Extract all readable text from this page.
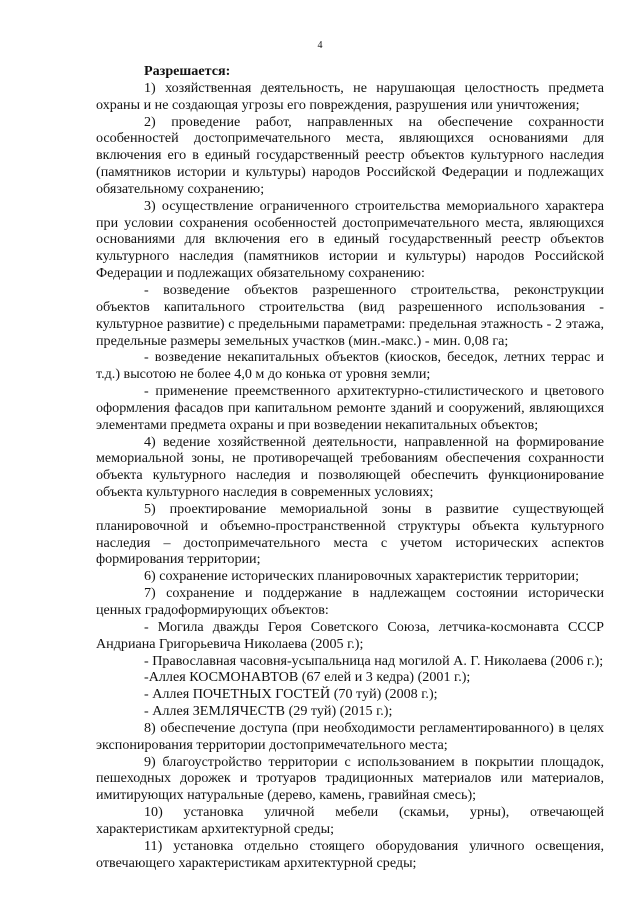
4

Разрешается:

1) хозяйственная деятельность, не нарушающая целостность предмета охраны и не создающая угрозы его повреждения, разрушения или уничтожения;

2) проведение работ, направленных на обеспечение сохранности особенностей достопримечательного места, являющихся основаниями для включения его в единый государственный реестр объектов культурного наследия (памятников истории и культуры) народов Российской Федерации и подлежащих обязательному сохранению;

3) осуществление ограниченного строительства мемориального характера при условии сохранения особенностей достопримечательного места, являющихся основаниями для включения его в единый государственный реестр объектов культурного наследия (памятников истории и культуры) народов Российской Федерации и подлежащих обязательному сохранению:

- возведение объектов разрешенного строительства, реконструкции объектов капитального строительства (вид разрешенного использования - культурное развитие) с предельными параметрами: предельная этажность - 2 этажа, предельные размеры земельных участков (мин.-макс.) - мин. 0,08 га;

- возведение некапитальных объектов (киосков, беседок, летних террас и т.д.) высотою не более 4,0 м до конька от уровня земли;

- применение преемственного архитектурно-стилистического и цветового оформления фасадов при капитальном ремонте зданий и сооружений, являющихся элементами предмета охраны и при возведении некапитальных объектов;

4) ведение хозяйственной деятельности, направленной на формирование мемориальной зоны, не противоречащей требованиям обеспечения сохранности объекта культурного наследия и позволяющей обеспечить функционирование объекта культурного наследия в современных условиях;

5) проектирование мемориальной зоны в развитие существующей планировочной и объемно-пространственной структуры объекта культурного наследия – достопримечательного места с учетом исторических аспектов формирования территории;

6) сохранение исторических планировочных характеристик территории;

7) сохранение и поддержание в надлежащем состоянии исторически ценных градоформирующих объектов:

- Могила дважды Героя Советского Союза, летчика-космонавта СССР Андриана Григорьевича Николаева (2005 г.);

- Православная часовня-усыпальница над могилой А. Г. Николаева (2006 г.);

-Аллея КОСМОНАВТОВ (67 елей и 3 кедра) (2001 г.);

- Аллея ПОЧЕТНЫХ ГОСТЕЙ (70 туй) (2008 г.);

- Аллея ЗЕМЛЯЧЕСТВ (29 туй) (2015 г.);

8) обеспечение доступа (при необходимости регламентированного) в целях экспонирования территории достопримечательного места;

9) благоустройство территории с использованием в покрытии площадок, пешеходных дорожек и тротуаров традиционных материалов или материалов, имитирующих натуральные (дерево, камень, гравийная смесь);

10) установка уличной мебели (скамьи, урны), отвечающей характеристикам архитектурной среды;

11) установка отдельно стоящего оборудования уличного освещения, отвечающего характеристикам архитектурной среды;
